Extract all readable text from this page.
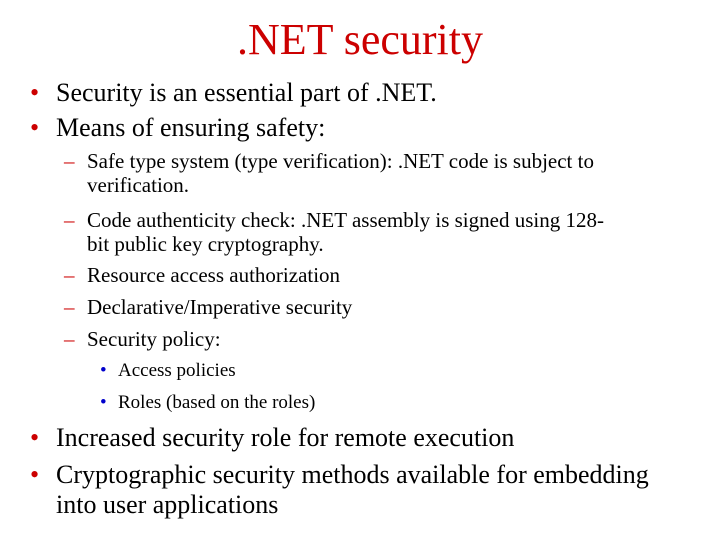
.NET security
• Security is an essential part of .NET.
• Means of ensuring safety:
– Safe type system (type verification): .NET code is subject to
verification.
– Code authenticity check: .NET assembly is signed using 128-
bit public key cryptography.
– Resource access authorization
– Declarative/Imperative security
– Security policy:
• Access policies
• Roles (based on the roles)
• Increased security role for remote execution
• Cryptographic security methods available for embedding
into user applications
